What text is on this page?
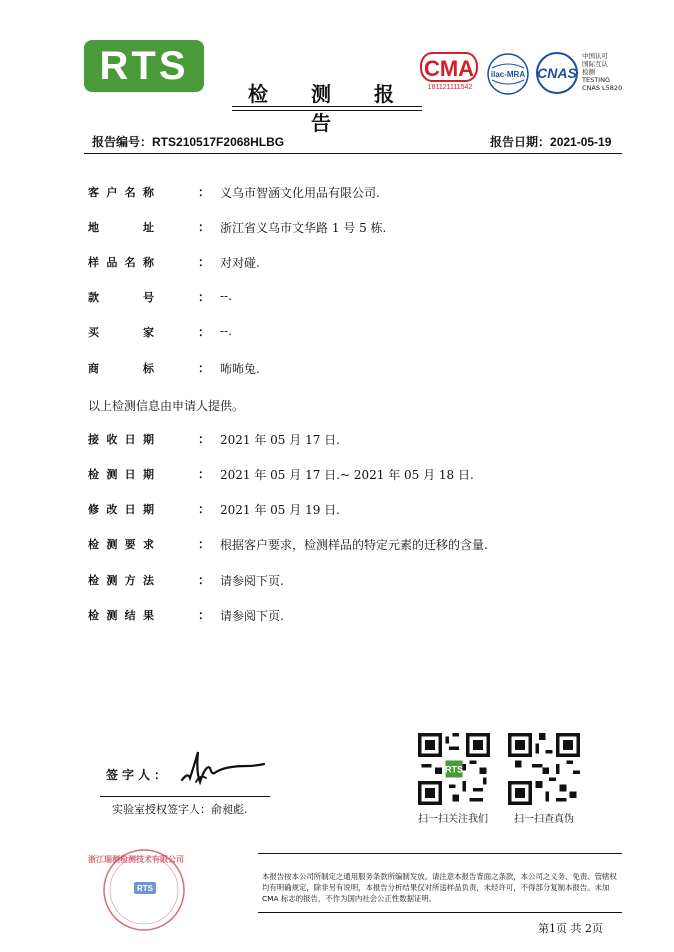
RTS
检 测 报 告
CMA
181121111542
ilac-MRA CNAS
中国认可
国际互认
检测
TESTING
CNAS L5820
报告编号：RTS210517F2068HLBG	报告日期：2021-05-19
客 户 名 称	： 义乌市智涵文化用品有限公司.
地	址	： 浙江省义乌市文华路 1 号 5 栋.
样 品 名 称	： 对对碰.
款	号	： --.
买	家	： --.
商	标	： 咘咘兔.
以上检测信息由申请人提供。
接 收 日 期	： 2021 年 05 月 17 日.
检 测 日 期	： 2021 年 05 月 17 日.~ 2021 年 05 月 18 日.
修 改 日 期	： 2021 年 05 月 19 日.
检 测 要 求	： 根据客户要求，检测样品的特定元素的迁移的含量.
检 测 方 法	： 请参阅下页.
检 测 结 果	： 请参阅下页.
签字人：
实验室授权签字人：俞昶彪.
RTS
扫一扫关注我们	扫一扫查真伪
浙江瑞测检测技术有限公司
RTS
本报告按本公司所制定之通用服务条款所编制发放。请注意本报告背面之条款，本公司之义务、免责、管辖权均有明确规定，除非另有说明，本报告分析结果仅对所送样品负责，未经许可，不得部分复制本报告。未加 CMA 标志的报告，不作为国内社会公正性数据证明。
第1页 共 2页
